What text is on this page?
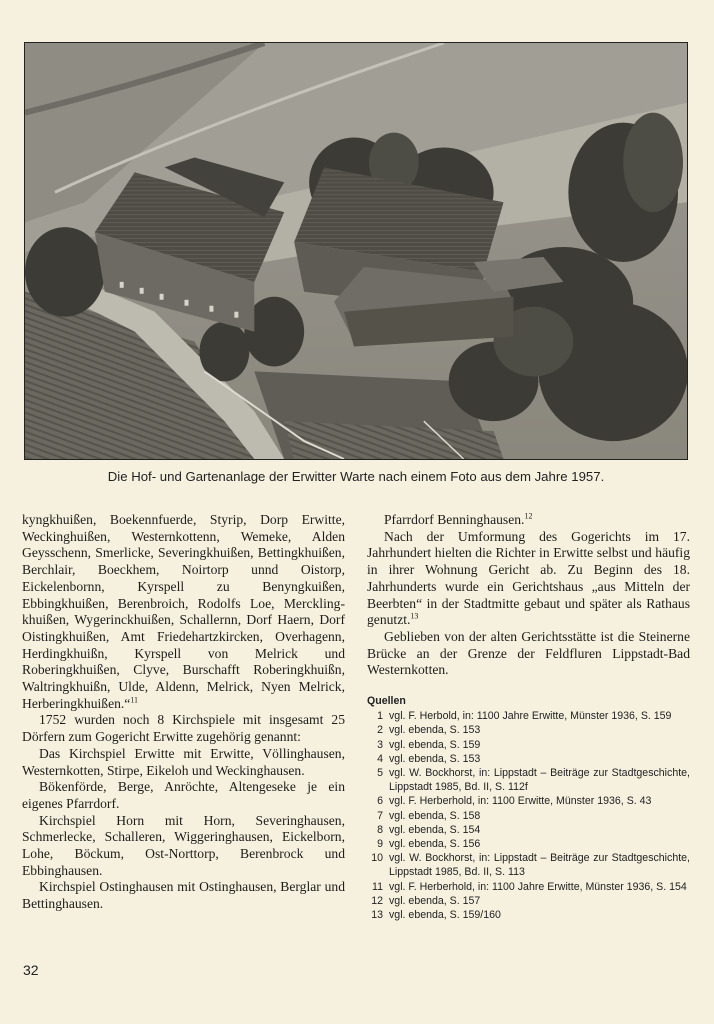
Die Hof- und Gartenanlage der Erwitter Warte nach einem Foto aus dem Jahre 1957.

kyngkhuißen, Boekennfuerde, Styrip, Dorp Erwitte, Weckinghuißen, Westernkottenn, Wemeke, Alden Geysschenn, Smerlicke, Severingkhuißen, Bettingkhuißen, Berchlair, Boeckhem, Noirtorp unnd Oistorp, Eickelenbornn, Kyrspell zu Benyngkuißen, Ebbingkhuißen, Berenbroich, Rodolfs Loe, Mercklingkhuißen, Wygerinckhuißen, Schallernn, Dorf Haern, Dorf Oistingkhuißen, Amt Friedehartzkircken, Overhagenn, Herdingkhuißn, Kyrspell von Melrick und Roberingkhuißen, Clyve, Burschafft Roberingkhuißn, Waltringkhuißn, Ulde, Aldenn, Melrick, Nyen Melrick, Herberingkhuißen.“$^{11}$

1752 wurden noch 8 Kirchspiele mit insgesamt 25 Dörfern zum Gogericht Erwitte zugehörig genannt:

Das Kirchspiel Erwitte mit Erwitte, Völlinghausen, Westernkotten, Stirpe, Eikeloh und Weckinghausen.

Bökenförde, Berge, Anröchte, Altengeseke je ein eigenes Pfarrdorf.

Kirchspiel Horn mit Horn, Severinghausen, Schmerlecke, Schalleren, Wiggeringhausen, Eickelborn, Lohe, Böckum, Ost-Norttorp, Berenbrock und Ebbinghausen.

Kirchspiel Ostinghausen mit Ostinghausen, Berglar und Bettinghausen.

Pfarrdorf Benninghausen.$^{12}$

Nach der Umformung des Gogerichts im 17. Jahrhundert hielten die Richter in Erwitte selbst und häufig in ihrer Wohnung Gericht ab. Zu Beginn des 18. Jahrhunderts wurde ein Gerichtshaus „aus Mitteln der Beerbten“ in der Stadtmitte gebaut und später als Rathaus genutzt.$^{13}$

Geblieben von der alten Gerichtsstätte ist die Steinerne Brücke an der Grenze der Feldfluren Lippstadt-Bad Westernkotten.

Quellen
1 vgl. F. Herbold, in: 1100 Jahre Erwitte, Münster 1936, S. 159
2 vgl. ebenda, S. 153
3 vgl. ebenda, S. 159
4 vgl. ebenda, S. 153
5 vgl. W. Bockhorst, in: Lippstadt – Beiträge zur Stadtgeschichte, Lippstadt 1985, Bd. II, S. 112f
6 vgl. F. Herberhold, in: 1100 Erwitte, Münster 1936, S. 43
7 vgl. ebenda, S. 158
8 vgl. ebenda, S. 154
9 vgl. ebenda, S. 156
10 vgl. W. Bockhorst, in: Lippstadt – Beiträge zur Stadtgeschichte, Lippstadt 1985, Bd. II, S. 113
11 vgl. F. Herberhold, in: 1100 Jahre Erwitte, Münster 1936, S. 154
12 vgl. ebenda, S. 157
13 vgl. ebenda, S. 159/160
32
